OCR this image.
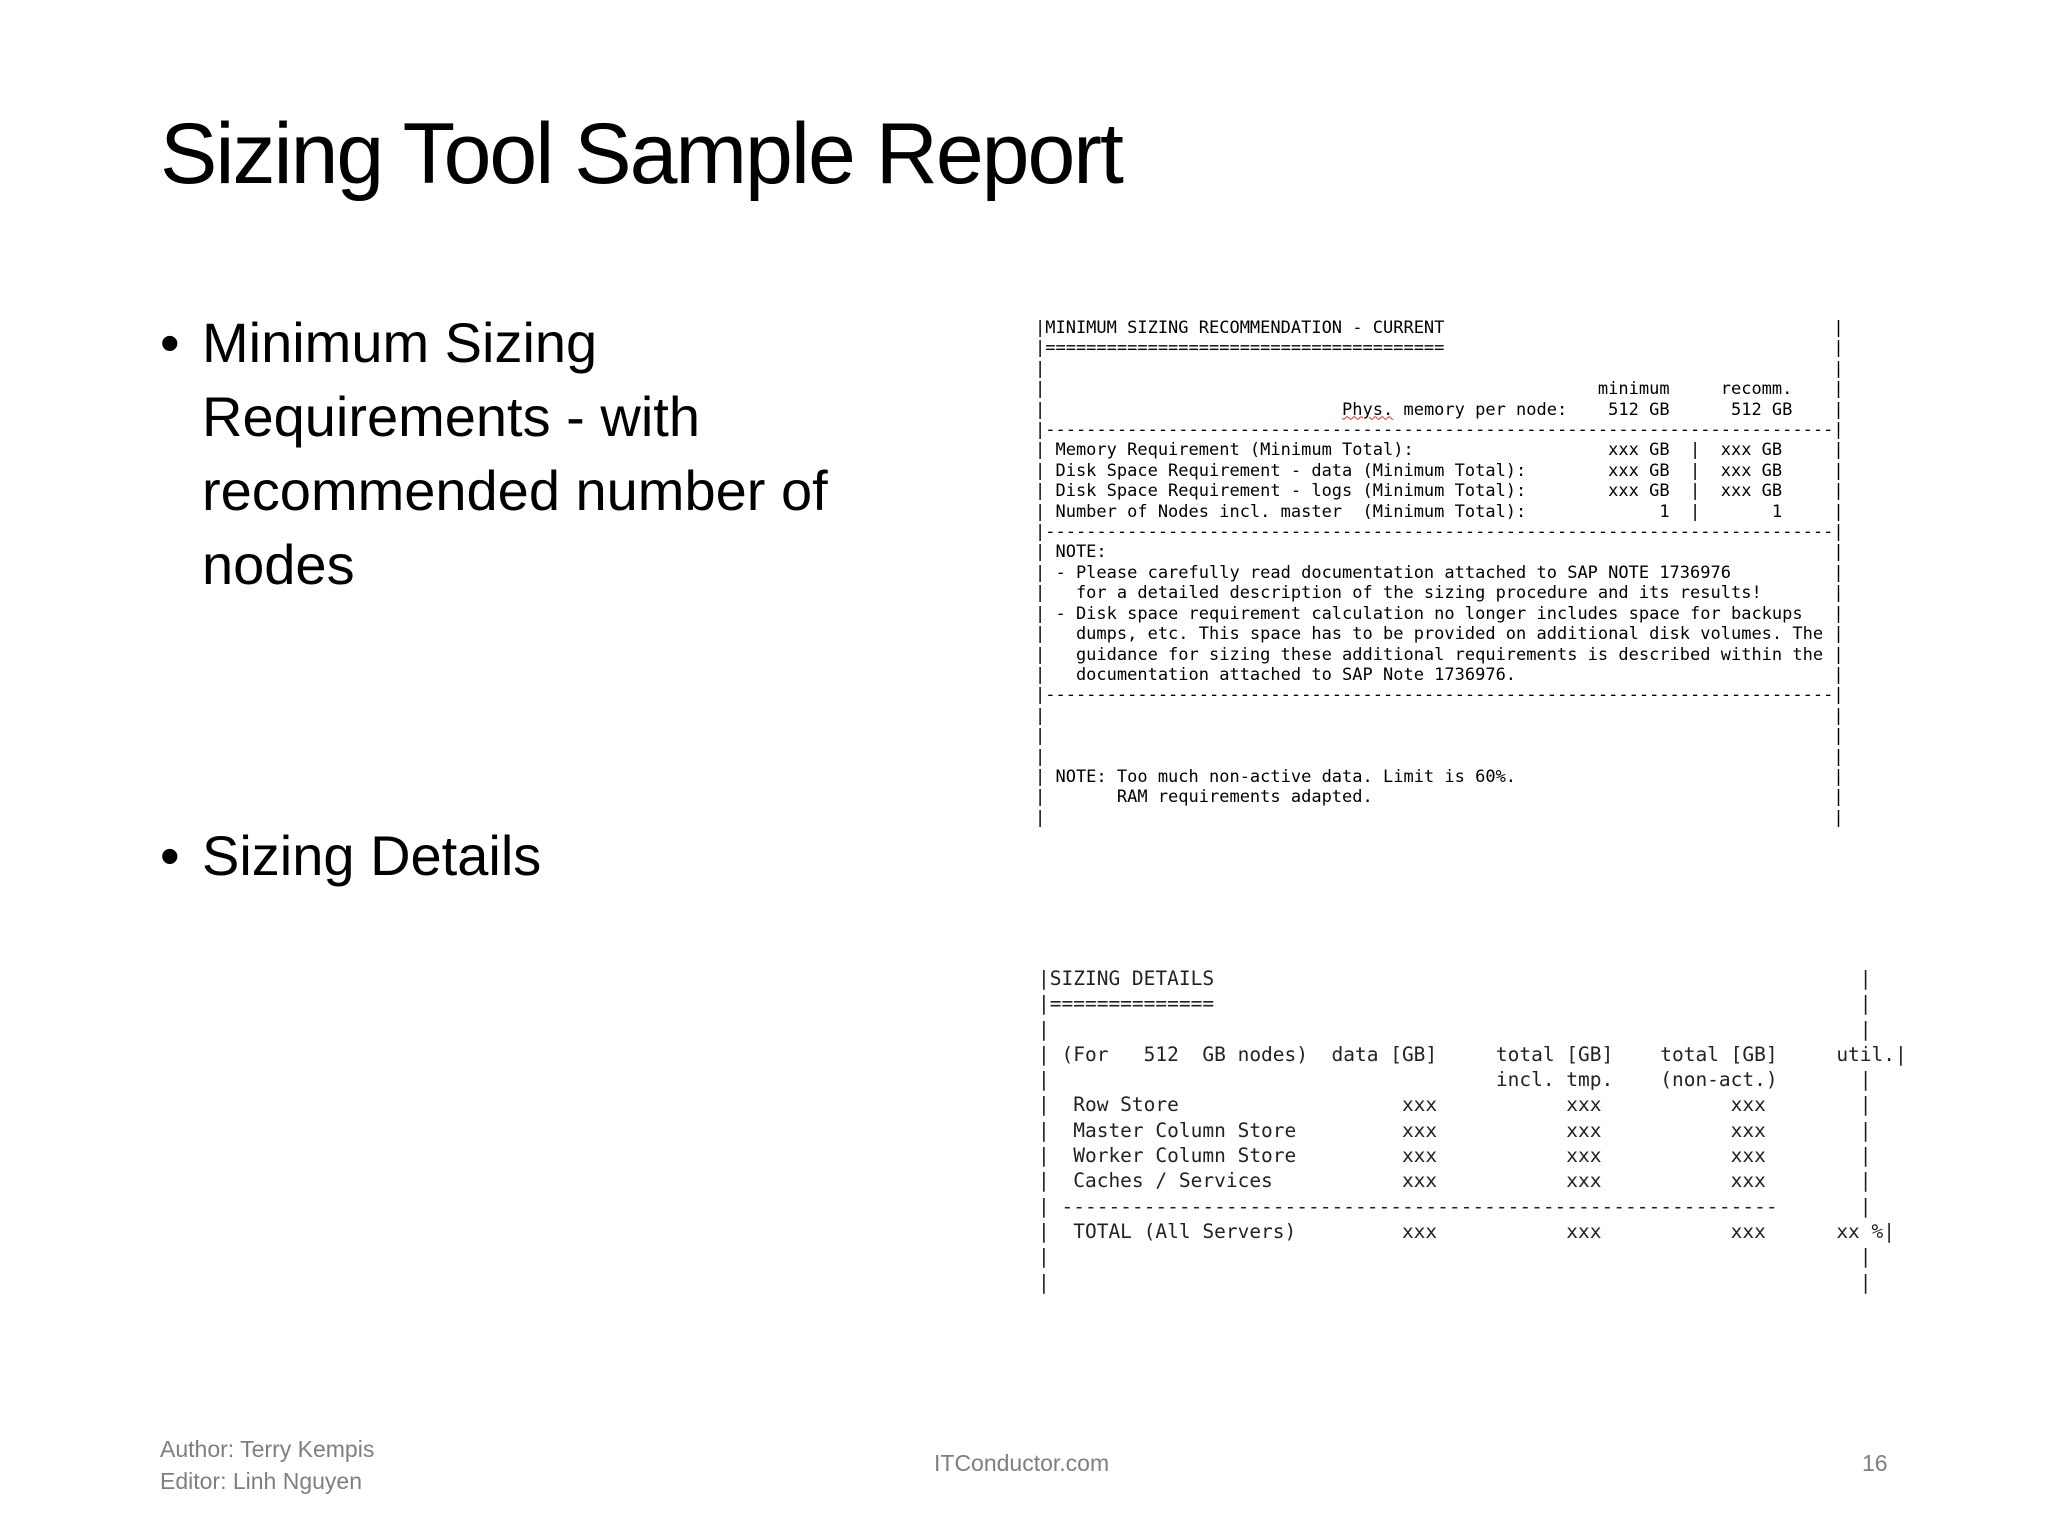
Sizing Tool Sample Report
• Minimum Sizing Requirements - with recommended number of nodes
• Sizing Details
|MINIMUM SIZING RECOMMENDATION - CURRENT                                      |
|=======================================                                      |
|                                                                             |
|                                                      minimum     recomm.    |
|	Phys. memory per node:    512 GB      512 GB    |
|-----------------------------------------------------------------------------|
| Memory Requirement (Minimum Total):                   xxx GB  |  xxx GB     |
| Disk Space Requirement - data (Minimum Total):        xxx GB  |  xxx GB     |
| Disk Space Requirement - logs (Minimum Total):        xxx GB  |  xxx GB     |
| Number of Nodes incl. master  (Minimum Total):             1  |       1     |
|-----------------------------------------------------------------------------|
| NOTE:                                                                       |
| - Please carefully read documentation attached to SAP NOTE 1736976          |
|   for a detailed description of the sizing procedure and its results!       |
| - Disk space requirement calculation no longer includes space for backups   |
|   dumps, etc. This space has to be provided on additional disk volumes. The |
|   guidance for sizing these additional requirements is described within the |
|   documentation attached to SAP Note 1736976.                               |
|-----------------------------------------------------------------------------|
|                                                                             |
|                                                                             |
|                                                                             |
| NOTE: Too much non-active data. Limit is 60%.                               |
|       RAM requirements adapted.                                             |
|                                                                             |
|SIZING DETAILS                                                       |
|==============                                                       |
|                                                                     |
| (For   512  GB nodes)  data [GB]     total [GB]    total [GB]     util.|
|                                      incl. tmp.    (non-act.)       |
|  Row Store                   xxx           xxx           xxx        |
|  Master Column Store         xxx           xxx           xxx        |
|  Worker Column Store         xxx           xxx           xxx        |
|  Caches / Services           xxx           xxx           xxx        |
| -------------------------------------------------------------       |
|  TOTAL (All Servers)         xxx           xxx           xxx      xx %|
|                                                                     |
|                                                                     |
Author: Terry Kempis
Editor: Linh Nguyen
ITConductor.com	16
